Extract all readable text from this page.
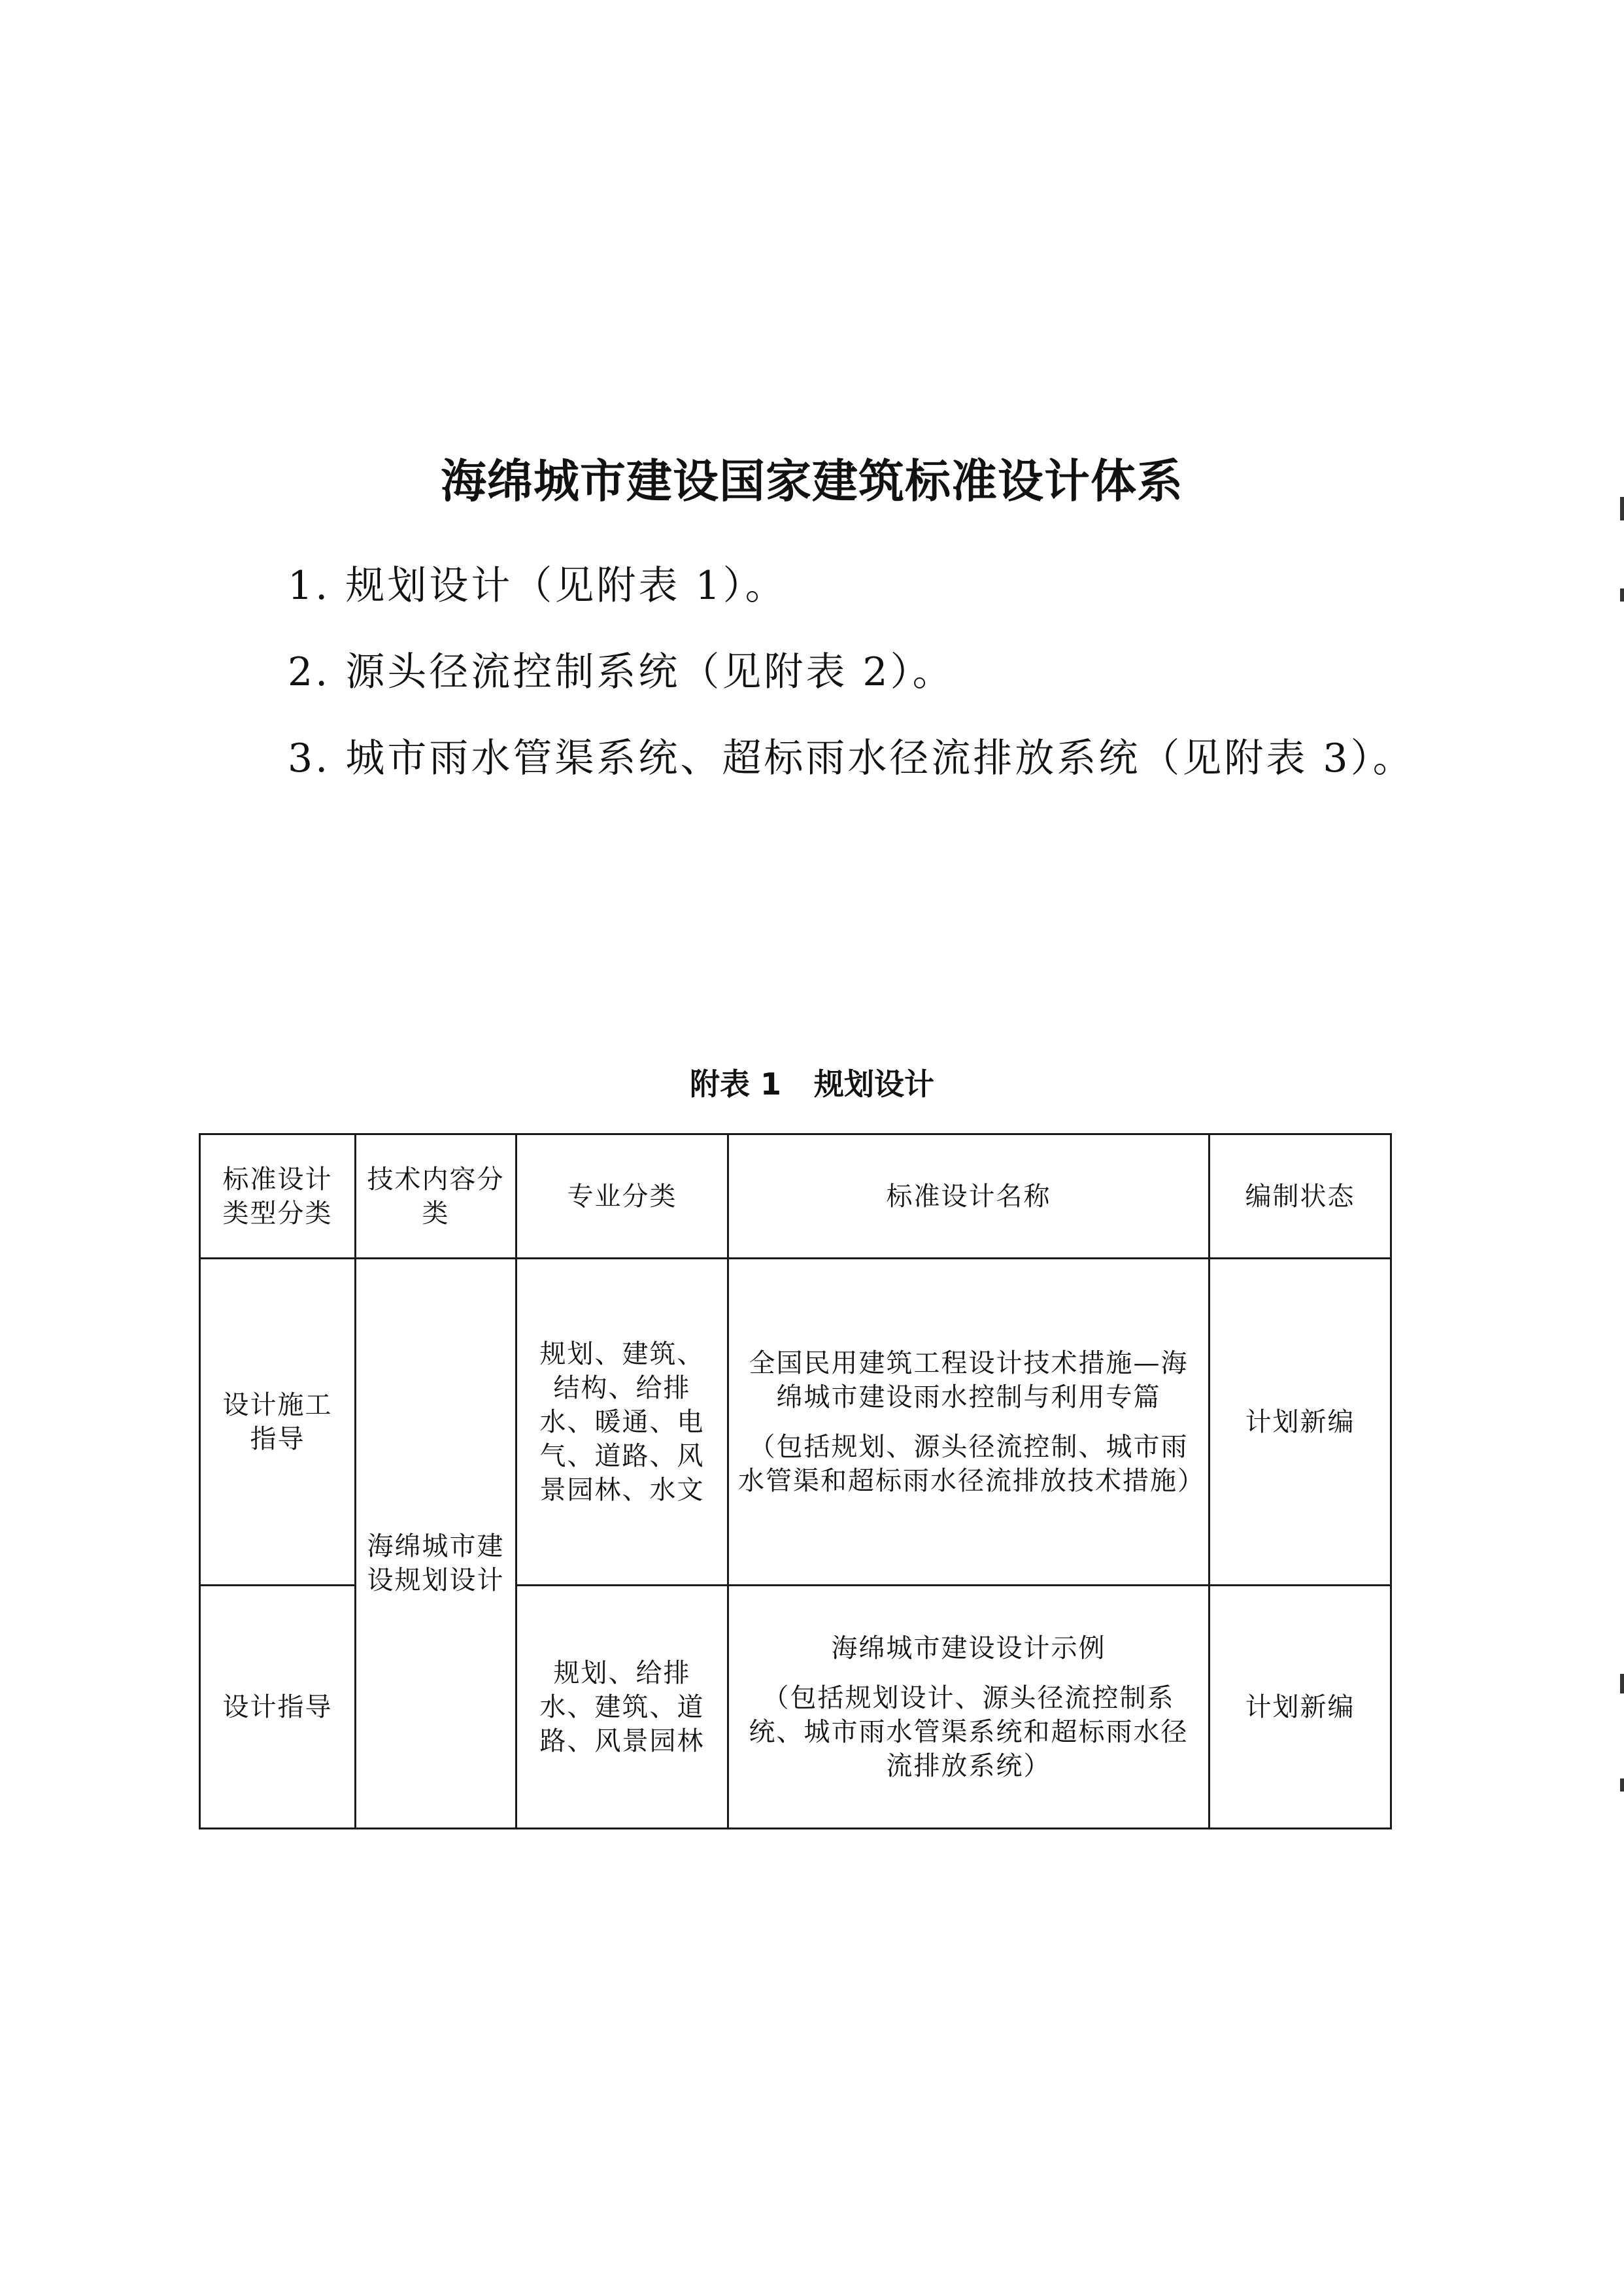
海绵城市建设国家建筑标准设计体系
1. 规划设计（见附表 1）。
2. 源头径流控制系统（见附表 2）。
3. 城市雨水管渠系统、超标雨水径流排放系统（见附表 3）。
附表 1 规划设计
标准设计类型分类	技术内容分类	专业分类	标准设计名称	编制状态
设计施工指导	海绵城市建设规划设计	规划、建筑、结构、给排水、暖通、电气、道路、风景园林、水文	全国民用建筑工程设计技术措施—海绵城市建设雨水控制与利用专篇
（包括规划、源头径流控制、城市雨水管渠和超标雨水径流排放技术措施）	计划新编
设计指导		规划、给排水、建筑、道路、风景园林	海绵城市建设设计示例
（包括规划设计、源头径流控制系统、城市雨水管渠系统和超标雨水径流排放系统）	计划新编
